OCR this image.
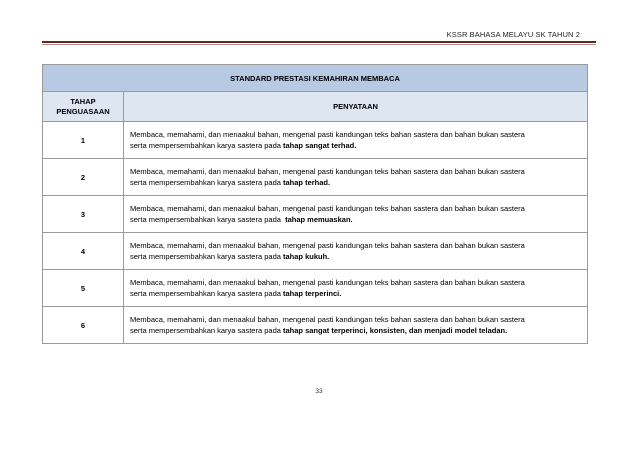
KSSR BAHASA MELAYU SK TAHUN 2
STANDARD PRESTASI KEMAHIRAN MEMBACA	

TAHAP
PENGUASAAN	PENYATAAN
1	Membaca, memahami, dan menaakul bahan, mengenal pasti kandungan teks bahan sastera dan bahan bukan sastera
serta mempersembahkan karya sastera pada tahap sangat terhad.

2	Membaca, memahami, dan menaakul bahan, mengenal pasti kandungan teks bahan sastera dan bahan bukan sastera
serta mempersembahkan karya sastera pada tahap terhad.

3	Membaca, memahami, dan menaakul bahan, mengenal pasti kandungan teks bahan sastera dan bahan bukan sastera
serta mempersembahkan karya sastera pada  tahap memuaskan.

4	Membaca, memahami, dan menaakul bahan, mengenal pasti kandungan teks bahan sastera dan bahan bukan sastera
serta mempersembahkan karya sastera pada tahap kukuh.

5	Membaca, memahami, dan menaakul bahan, mengenal pasti kandungan teks bahan sastera dan bahan bukan sastera
serta mempersembahkan karya sastera pada tahap terperinci.

6	Membaca, memahami, dan menaakul bahan, mengenal pasti kandungan teks bahan sastera dan bahan bukan sastera
serta mempersembahkan karya sastera pada tahap sangat terperinci, konsisten, dan menjadi model teladan.
33
